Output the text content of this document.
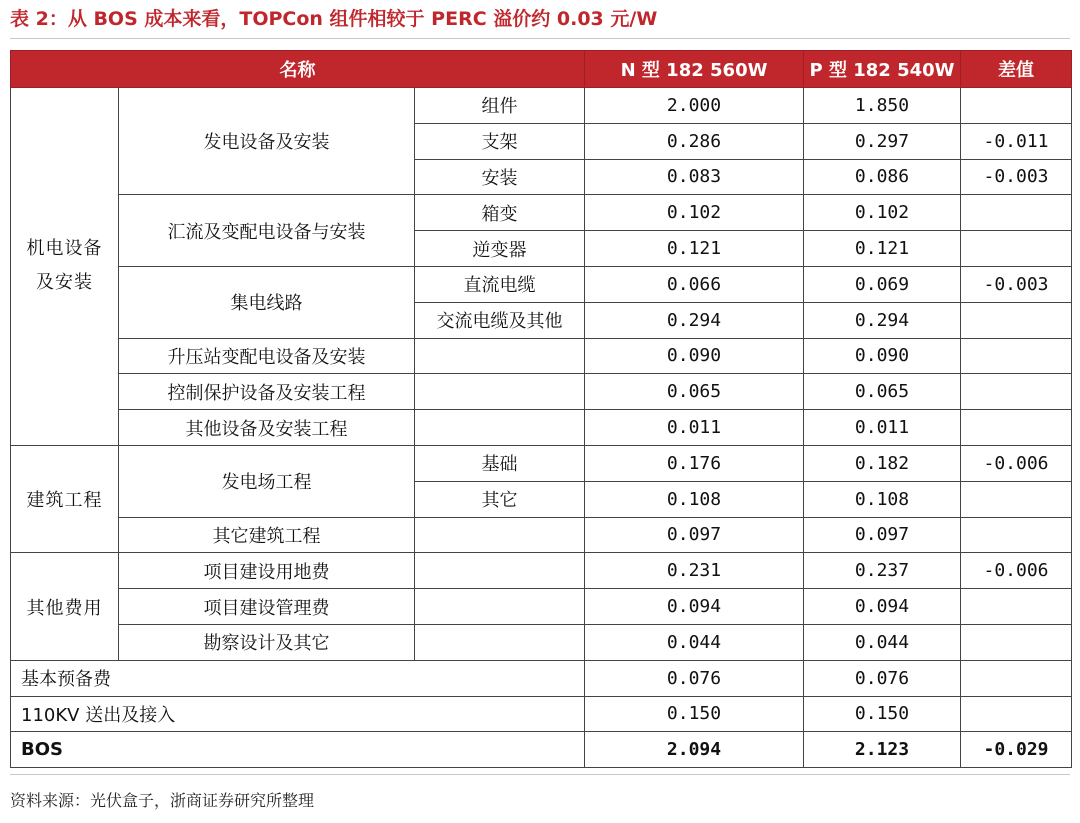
表 2：从 BOS 成本来看，TOPCon 组件相较于 PERC 溢价约 0.03 元/W
名称			N 型 182 560W	P 型 182 540W	差值
机电设备及安装	发电设备及安装	组件	2.000	1.850	
		支架	0.286	0.297	-0.011
		安装	0.083	0.086	-0.003
	汇流及变配电设备与安装	箱变	0.102	0.102	
		逆变器	0.121	0.121	
	集电线路	直流电缆	0.066	0.069	-0.003
		交流电缆及其他	0.294	0.294	
	升压站变配电设备及安装		0.090	0.090	
	控制保护设备及安装工程		0.065	0.065	
	其他设备及安装工程		0.011	0.011	
建筑工程	发电场工程	基础	0.176	0.182	-0.006
		其它	0.108	0.108	
	其它建筑工程		0.097	0.097	
其他费用	项目建设用地费		0.231	0.237	-0.006
	项目建设管理费		0.094	0.094	
	勘察设计及其它		0.044	0.044	
基本预备费			0.076	0.076	
110KV 送出及接入			0.150	0.150	
BOS			2.094	2.123	-0.029
资料来源：光伏盒子，浙商证券研究所整理
